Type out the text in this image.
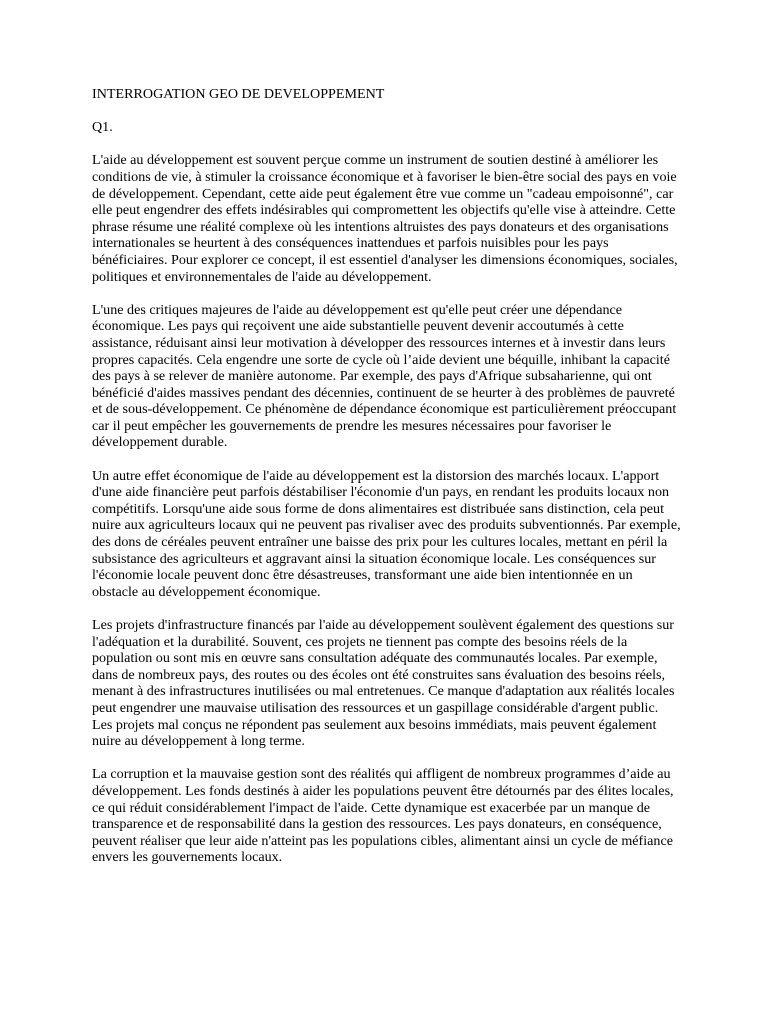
INTERROGATION GEO DE DEVELOPPEMENT

Q1.

L'aide au développement est souvent perçue comme un instrument de soutien destiné à améliorer les conditions de vie, à stimuler la croissance économique et à favoriser le bien-être social des pays en voie de développement. Cependant, cette aide peut également être vue comme un "cadeau empoisonné", car elle peut engendrer des effets indésirables qui compromettent les objectifs qu'elle vise à atteindre. Cette phrase résume une réalité complexe où les intentions altruistes des pays donateurs et des organisations internationales se heurtent à des conséquences inattendues et parfois nuisibles pour les pays bénéficiaires. Pour explorer ce concept, il est essentiel d'analyser les dimensions économiques, sociales, politiques et environnementales de l'aide au développement.

L'une des critiques majeures de l'aide au développement est qu'elle peut créer une dépendance économique. Les pays qui reçoivent une aide substantielle peuvent devenir accoutumés à cette assistance, réduisant ainsi leur motivation à développer des ressources internes et à investir dans leurs propres capacités. Cela engendre une sorte de cycle où l’aide devient une béquille, inhibant la capacité des pays à se relever de manière autonome. Par exemple, des pays d'Afrique subsaharienne, qui ont bénéficié d'aides massives pendant des décennies, continuent de se heurter à des problèmes de pauvreté et de sous-développement. Ce phénomène de dépendance économique est particulièrement préoccupant car il peut empêcher les gouvernements de prendre les mesures nécessaires pour favoriser le développement durable.

Un autre effet économique de l'aide au développement est la distorsion des marchés locaux. L'apport d'une aide financière peut parfois déstabiliser l'économie d'un pays, en rendant les produits locaux non compétitifs. Lorsqu'une aide sous forme de dons alimentaires est distribuée sans distinction, cela peut nuire aux agriculteurs locaux qui ne peuvent pas rivaliser avec des produits subventionnés. Par exemple, des dons de céréales peuvent entraîner une baisse des prix pour les cultures locales, mettant en péril la subsistance des agriculteurs et aggravant ainsi la situation économique locale. Les conséquences sur l'économie locale peuvent donc être désastreuses, transformant une aide bien intentionnée en un obstacle au développement économique.

Les projets d'infrastructure financés par l'aide au développement soulèvent également des questions sur l'adéquation et la durabilité. Souvent, ces projets ne tiennent pas compte des besoins réels de la population ou sont mis en œuvre sans consultation adéquate des communautés locales. Par exemple, dans de nombreux pays, des routes ou des écoles ont été construites sans évaluation des besoins réels, menant à des infrastructures inutilisées ou mal entretenues. Ce manque d'adaptation aux réalités locales peut engendrer une mauvaise utilisation des ressources et un gaspillage considérable d'argent public. Les projets mal conçus ne répondent pas seulement aux besoins immédiats, mais peuvent également nuire au développement à long terme.

La corruption et la mauvaise gestion sont des réalités qui affligent de nombreux programmes d’aide au développement. Les fonds destinés à aider les populations peuvent être détournés par des élites locales, ce qui réduit considérablement l'impact de l'aide. Cette dynamique est exacerbée par un manque de transparence et de responsabilité dans la gestion des ressources. Les pays donateurs, en conséquence, peuvent réaliser que leur aide n'atteint pas les populations cibles, alimentant ainsi un cycle de méfiance envers les gouvernements locaux.
